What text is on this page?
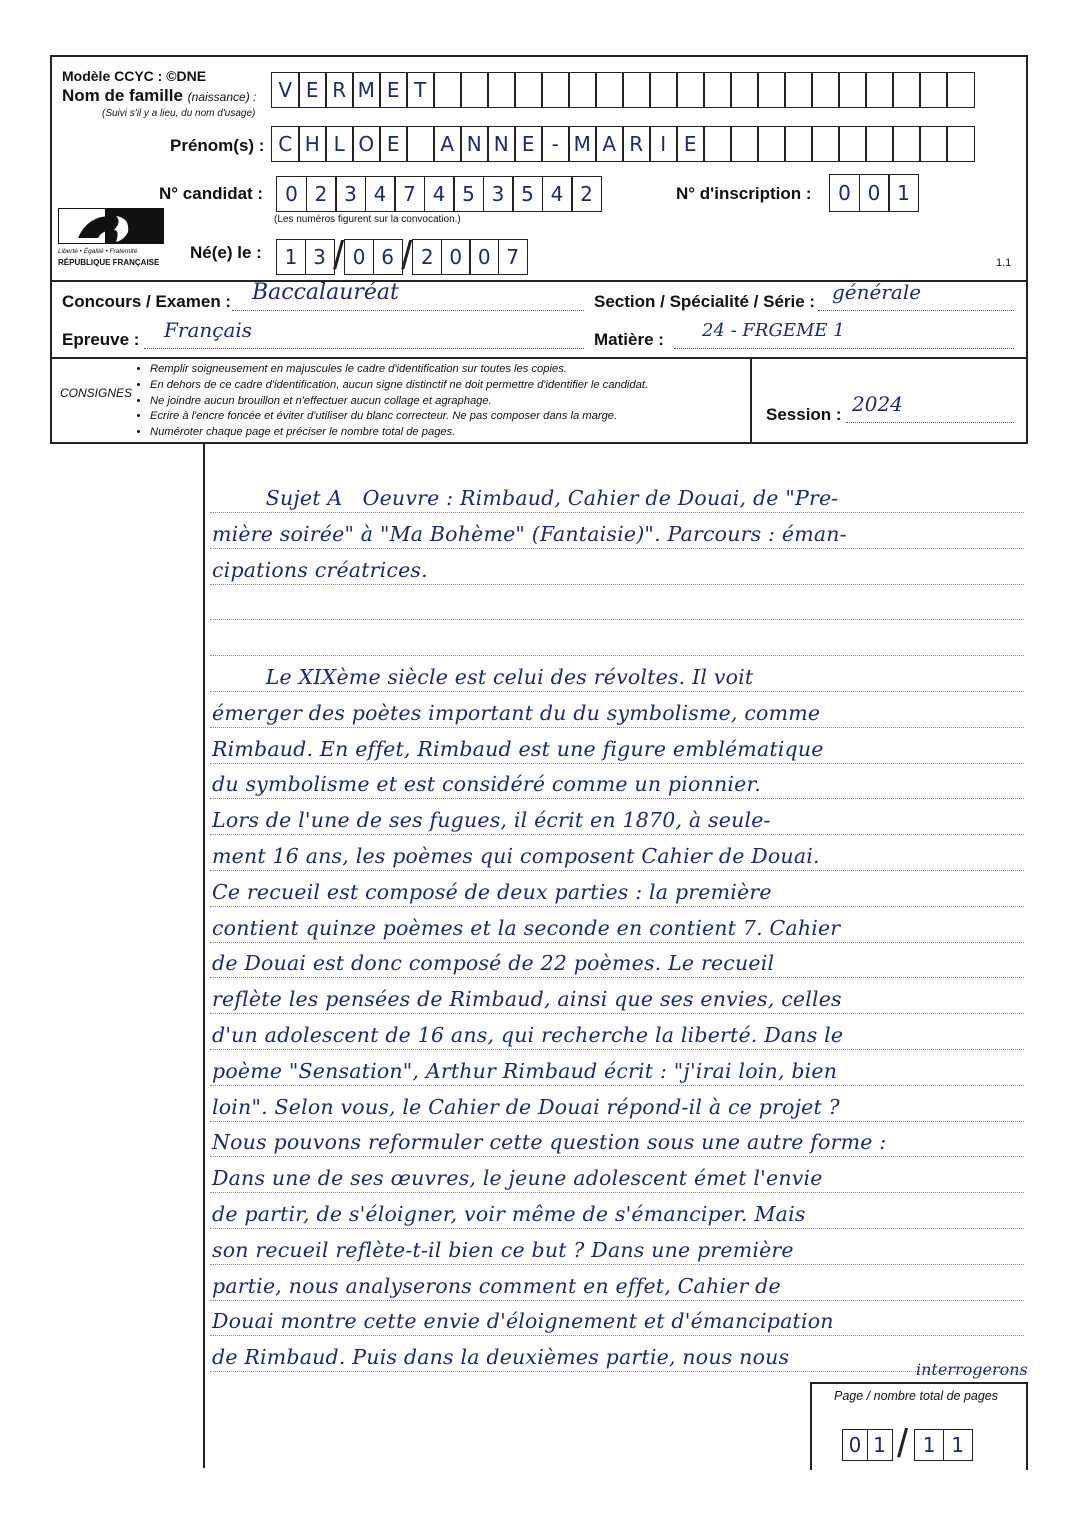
Modèle CCYC : ©DNE
Nom de famille (naissance) :
(Suivi s'il y a lieu, du nom d'usage)
V E R M E T
Prénom(s) : C H L O E	A N N E - M A R I E
N° candidat :	0 2 3 4 7 4 5 3 5 4 2
(Les numéros figurent sur la convocation.)
N° d'inscription :	0 0 1
Liberté • Égalité • Fraternité
RÉPUBLIQUE FRANÇAISE
Né(e) le :	1 3 / 0 6 / 2 0 0 7	1.1
Concours / Examen : Baccalauréat	Section / Spécialité / Série : générale
Epreuve : Français	Matière : 24 - FRGEME 1
CONSIGNES
• Remplir soigneusement en majuscules le cadre d'identification sur toutes les copies.
• En dehors de ce cadre d'identification, aucun signe distinctif ne doit permettre d'identifier le candidat.
• Ne joindre aucun brouillon et n'effectuer aucun collage et agraphage.
• Ecrire à l'encre foncée et éviter d'utiliser du blanc correcteur. Ne pas composer dans la marge.
• Numéroter chaque page et préciser le nombre total de pages.
Session : 2024
Sujet A   Oeuvre : Rimbaud, Cahier de Douai, de "Pre-
mière soirée" à "Ma Bohème" (Fantaisie)". Parcours : éman-
cipations créatrices.
Le XIXème siècle est celui des révoltes. Il voit
émerger des poètes important du du symbolisme, comme
Rimbaud. En effet, Rimbaud est une figure emblématique
du symbolisme et est considéré comme un pionnier.
Lors de l'une de ses fugues, il écrit en 1870, à seule-
ment 16 ans, les poèmes qui composent Cahier de Douai.
Ce recueil est composé de deux parties : la première
contient quinze poèmes et la seconde en contient 7. Cahier
de Douai est donc composé de 22 poèmes. Le recueil
reflète les pensées de Rimbaud, ainsi que ses envies, celles
d'un adolescent de 16 ans, qui recherche la liberté. Dans le
poème "Sensation", Arthur Rimbaud écrit : "j'irai loin, bien
loin". Selon vous, le Cahier de Douai répond-il à ce projet ?
Nous pouvons reformuler cette question sous une autre forme :
Dans une de ses œuvres, le jeune adolescent émet l'envie
de partir, de s'éloigner, voir même de s'émanciper. Mais
son recueil reflète-t-il bien ce but ? Dans une première
partie, nous analyserons comment en effet, Cahier de
Douai montre cette envie d'éloignement et d'émancipation
de Rimbaud. Puis dans la deuxièmes partie, nous nous
interrogerons
Page / nombre total de pages
0 1 / 1 1
